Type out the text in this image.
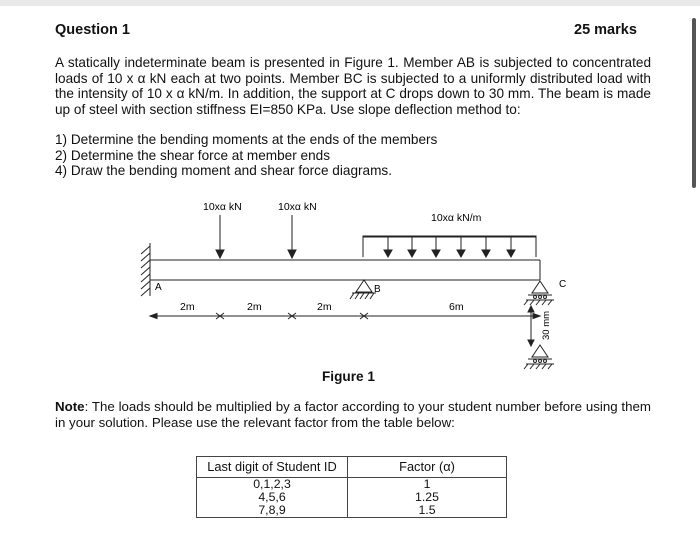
Question 1	25 marks
A statically indeterminate beam is presented in Figure 1. Member AB is subjected to concentrated loads of 10 x α kN each at two points. Member BC is subjected to a uniformly distributed load with the intensity of 10 x α kN/m. In addition, the support at C drops down to 30 mm. The beam is made up of steel with section stiffness EI=850 KPa. Use slope deflection method to:
1) Determine the bending moments at the ends of the members
2) Determine the shear force at member ends
4) Draw the bending moment and shear force diagrams.
10xα kN	10xα kN
10xα kN/m
A	B	C
30 mm
2m	2m	2m	6m
Figure 1
Note: The loads should be multiplied by a factor according to your student number before using them in your solution. Please use the relevant factor from the table below:
Last digit of Student ID	Factor (α)
0,1,2,3	1
4,5,6	1.25
7,8,9	1.5
